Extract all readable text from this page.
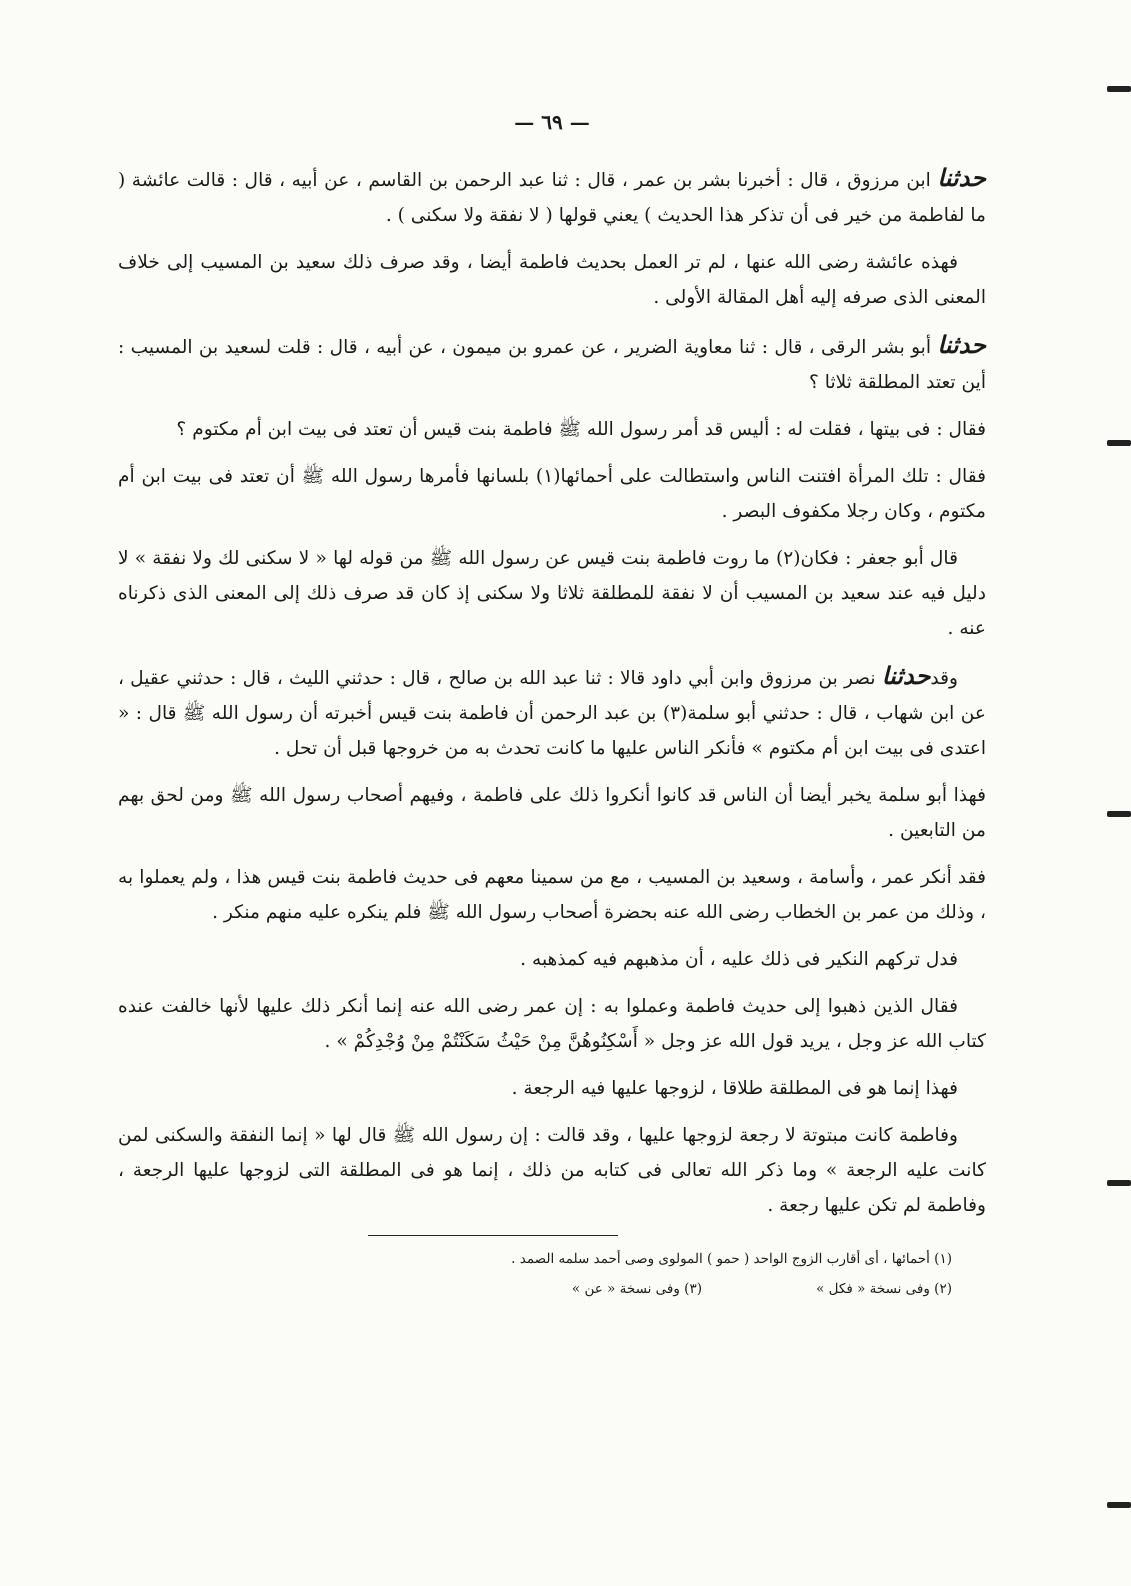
— ٦٩ —

حدثنا ابن مرزوق ، قال : أخبرنا بشر بن عمر ، قال : ثنا عبد الرحمن بن القاسم ، عن أبيه ، قال : قالت عائشة ( ما لفاطمة من خير فى أن تذكر هذا الحديث ) يعني قولها ( لا نفقة ولا سكنى ) .

فهذه عائشة رضى الله عنها ، لم تر العمل بحديث فاطمة أيضا ، وقد صرف ذلك سعيد بن المسيب إلى خلاف المعنى الذى صرفه إليه أهل المقالة الأولى .

حدثنا أبو بشر الرقى ، قال : ثنا معاوية الضرير ، عن عمرو بن ميمون ، عن أبيه ، قال : قلت لسعيد بن المسيب : أين تعتد المطلقة ثلاثا ؟

فقال : فى بيتها ، فقلت له : أليس قد أمر رسول الله ﷺ فاطمة بنت قيس أن تعتد فى بيت ابن أم مكتوم ؟

فقال : تلك المرأة افتنت الناس واستطالت على أحمائها(١) بلسانها فأمرها رسول الله ﷺ أن تعتد فى بيت ابن أم مكتوم ، وكان رجلا مكفوف البصر .

قال أبو جعفر : فكان(٢) ما روت فاطمة بنت قيس عن رسول الله ﷺ من قوله لها « لا سكنى لك ولا نفقة » لا دليل فيه عند سعيد بن المسيب أن لا نفقة للمطلقة ثلاثا ولا سكنى إذ كان قد صرف ذلك إلى المعنى الذى ذكرناه عنه .

وقدحدثنا نصر بن مرزوق وابن أبي داود قالا : ثنا عبد الله بن صالح ، قال : حدثني الليث ، قال : حدثني عقيل ، عن ابن شهاب ، قال : حدثني أبو سلمة(٣) بن عبد الرحمن أن فاطمة بنت قيس أخبرته أن رسول الله ﷺ قال : « اعتدى فى بيت ابن أم مكتوم » فأنكر الناس عليها ما كانت تحدث به من خروجها قبل أن تحل .

فهذا أبو سلمة يخبر أيضا أن الناس قد كانوا أنكروا ذلك على فاطمة ، وفيهم أصحاب رسول الله ﷺ ومن لحق بهم من التابعين .

فقد أنكر عمر ، وأسامة ، وسعيد بن المسيب ، مع من سمينا معهم فى حديث فاطمة بنت قيس هذا ، ولم يعملوا به ، وذلك من عمر بن الخطاب رضى الله عنه بحضرة أصحاب رسول الله ﷺ فلم ينكره عليه منهم منكر .

فدل تركهم النكير فى ذلك عليه ، أن مذهبهم فيه كمذهبه .

فقال الذين ذهبوا إلى حديث فاطمة وعملوا به : إن عمر رضى الله عنه إنما أنكر ذلك عليها لأنها خالفت عنده كتاب الله عز وجل ، يريد قول الله عز وجل « أَسْكِنُوهُنَّ مِنْ حَيْثُ سَكَنْتُمْ مِنْ وُجْدِكُمْ » .

فهذا إنما هو فى المطلقة طلاقا ، لزوجها عليها فيه الرجعة .

وفاطمة كانت مبتوتة لا رجعة لزوجها عليها ، وقد قالت : إن رسول الله ﷺ قال لها « إنما النفقة والسكنى لمن كانت عليه الرجعة » وما ذكر الله تعالى فى كتابه من ذلك ، إنما هو فى المطلقة التى لزوجها عليها الرجعة ، وفاطمة لم تكن عليها رجعة .

(١) أحمائها ، أى أقارب الزوج الواحد ( حمو ) المولوى وصى أحمد سلمه الصمد .
(٢) وفى نسخة « فكل »
(٣) وفى نسخة « عن »
